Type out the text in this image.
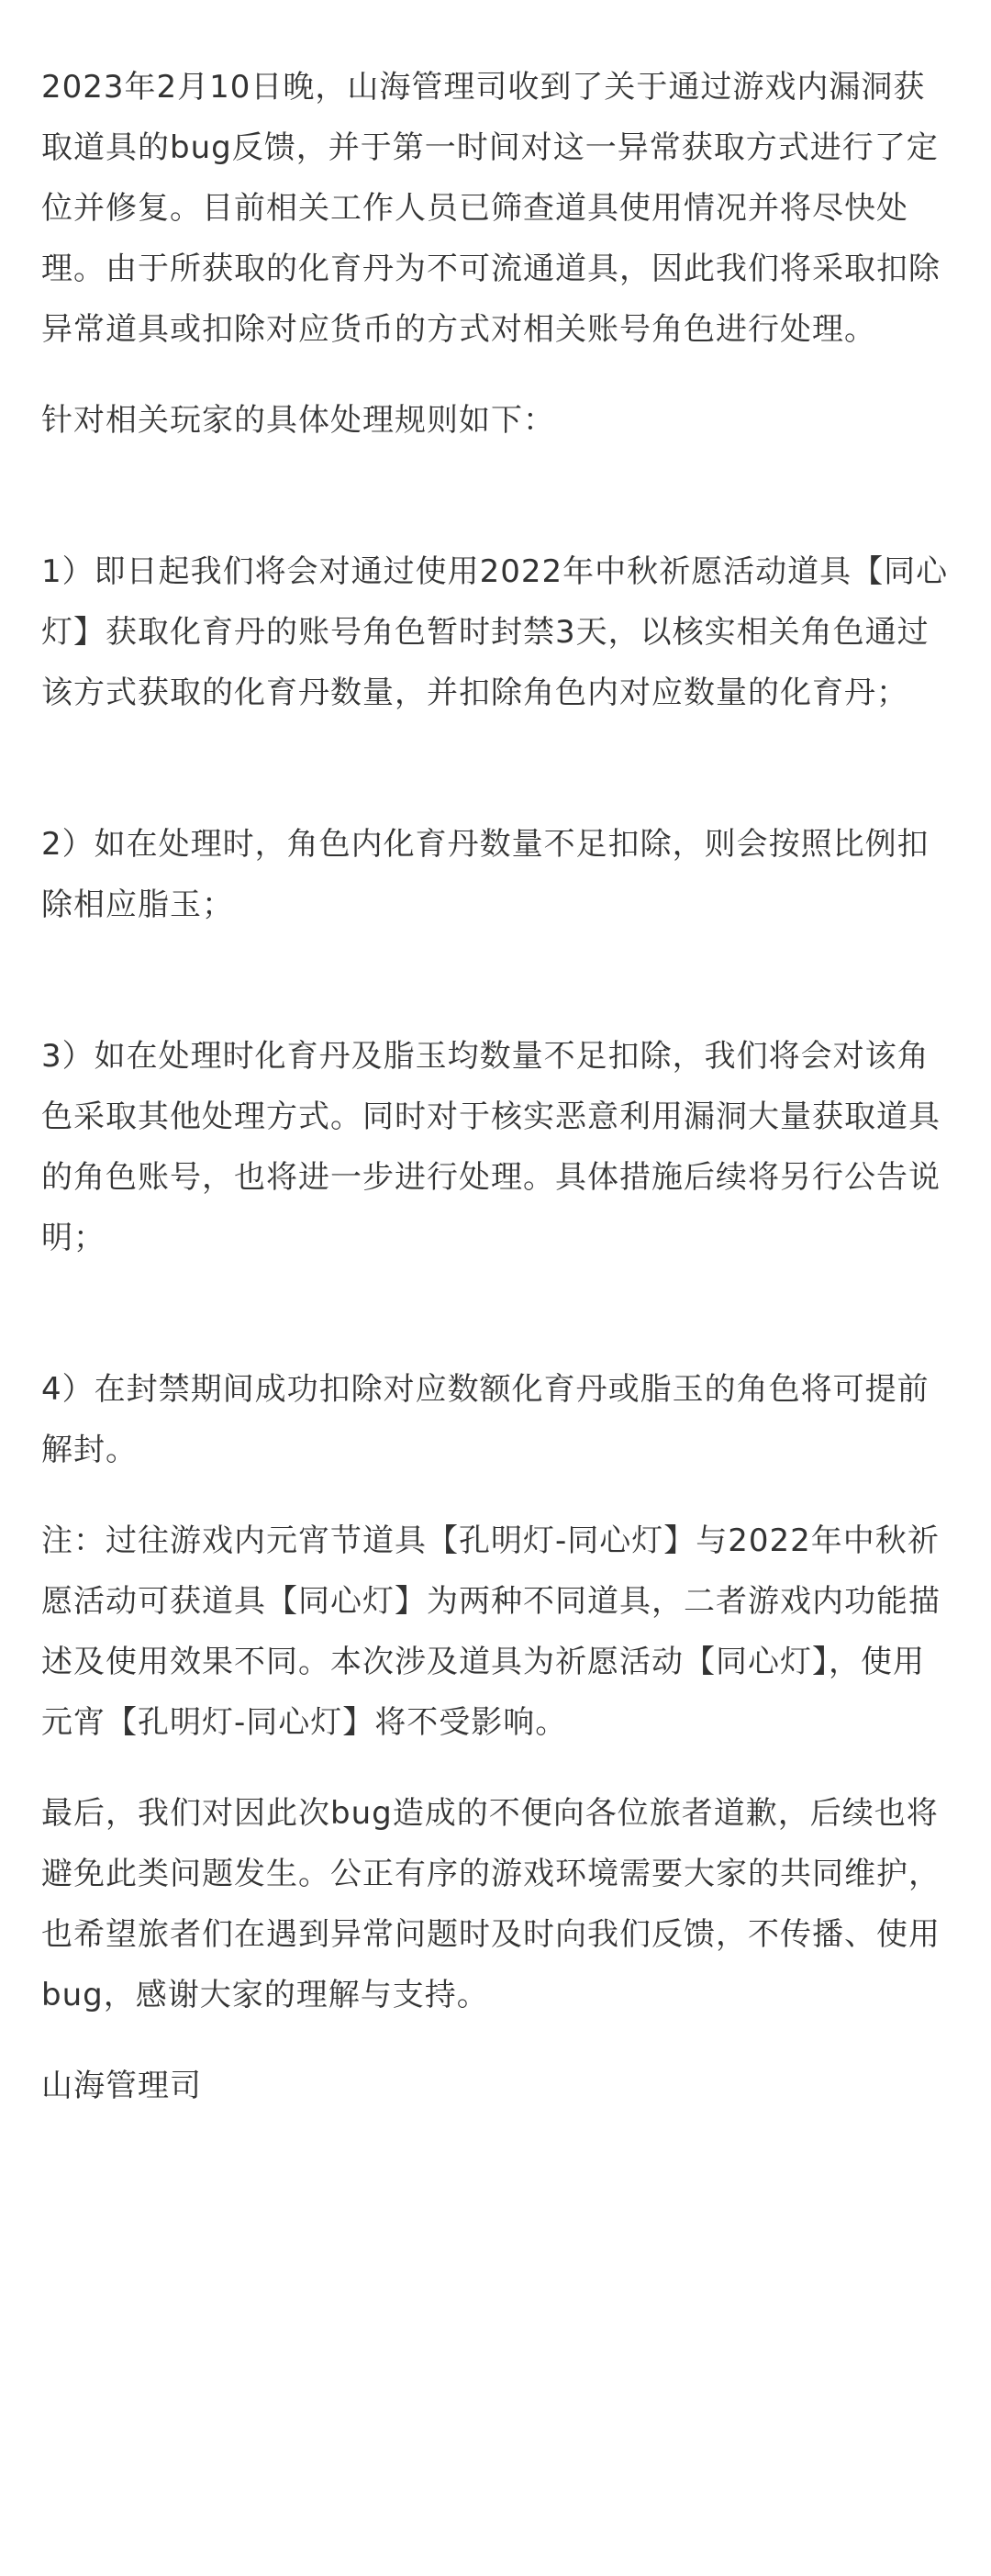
2023年2月10日晚，山海管理司收到了关于通过游戏内漏洞获取道具的bug反馈，并于第一时间对这一异常获取方式进行了定位并修复。目前相关工作人员已筛查道具使用情况并将尽快处理。由于所获取的化育丹为不可流通道具，因此我们将采取扣除异常道具或扣除对应货币的方式对相关账号角色进行处理。

针对相关玩家的具体处理规则如下：

1）即日起我们将会对通过使用2022年中秋祈愿活动道具【同心灯】获取化育丹的账号角色暂时封禁3天，以核实相关角色通过该方式获取的化育丹数量，并扣除角色内对应数量的化育丹；

2）如在处理时，角色内化育丹数量不足扣除，则会按照比例扣除相应脂玉；

3）如在处理时化育丹及脂玉均数量不足扣除，我们将会对该角色采取其他处理方式。同时对于核实恶意利用漏洞大量获取道具的角色账号，也将进一步进行处理。具体措施后续将另行公告说明；

4）在封禁期间成功扣除对应数额化育丹或脂玉的角色将可提前解封。

注：过往游戏内元宵节道具【孔明灯-同心灯】与2022年中秋祈愿活动可获道具【同心灯】为两种不同道具，二者游戏内功能描述及使用效果不同。本次涉及道具为祈愿活动【同心灯】，使用元宵【孔明灯-同心灯】将不受影响。

最后，我们对因此次bug造成的不便向各位旅者道歉，后续也将避免此类问题发生。公正有序的游戏环境需要大家的共同维护，也希望旅者们在遇到异常问题时及时向我们反馈，不传播、使用bug，感谢大家的理解与支持。

山海管理司
